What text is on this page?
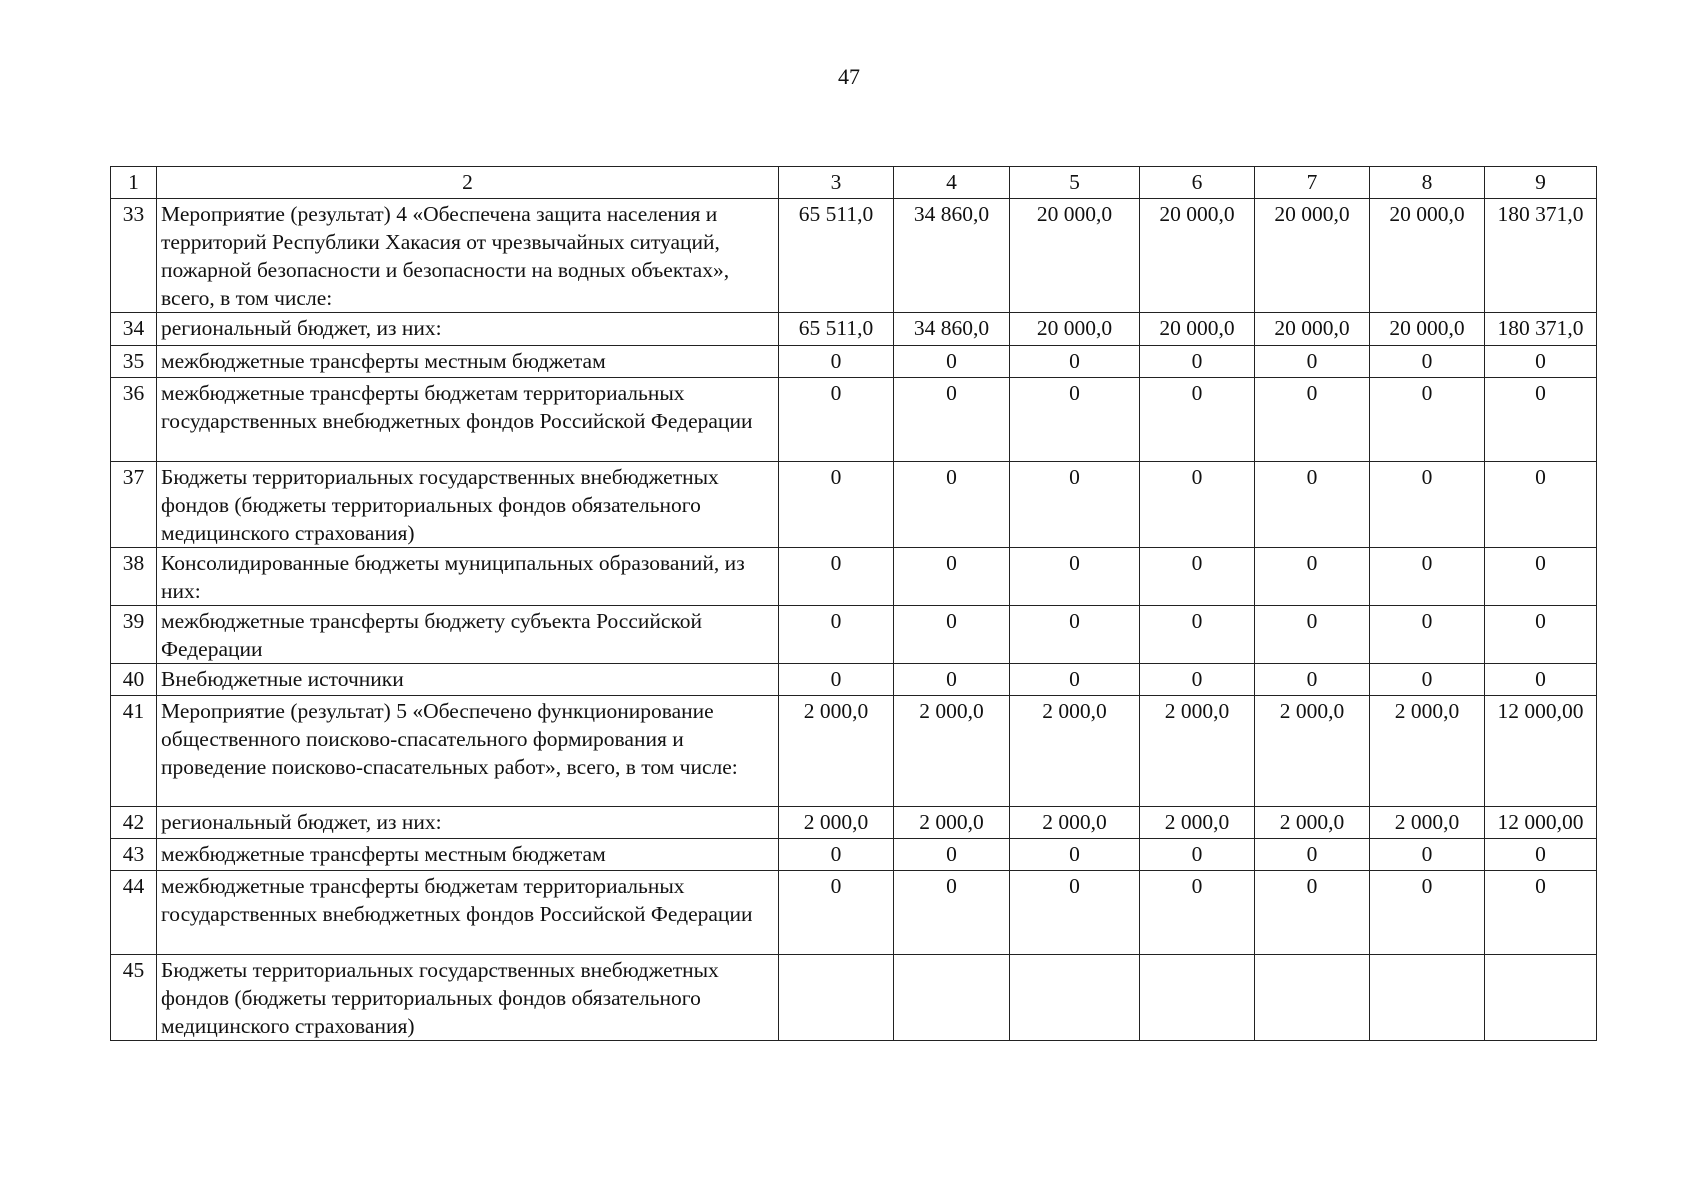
47
1	2	3	4	5	6	7	8	9
33	Мероприятие (результат) 4 «Обеспечена защита населения и территорий Республики Хакасия от чрезвычайных ситуаций, пожарной безопасности и безопасности на водных объектах», всего, в том числе:	65 511,0	34 860,0	20 000,0	20 000,0	20 000,0	20 000,0	180 371,0
34	региональный бюджет, из них:	65 511,0	34 860,0	20 000,0	20 000,0	20 000,0	20 000,0	180 371,0
35	межбюджетные трансферты местным бюджетам	0	0	0	0	0	0	0
36	межбюджетные трансферты бюджетам территориальных государственных внебюджетных фондов Российской Федерации	0	0	0	0	0	0	0
37	Бюджеты территориальных государственных внебюджетных фондов (бюджеты территориальных фондов обязательного медицинского страхования)	0	0	0	0	0	0	0
38	Консолидированные бюджеты муниципальных образований, из них:	0	0	0	0	0	0	0
39	межбюджетные трансферты бюджету субъекта Российской Федерации	0	0	0	0	0	0	0
40	Внебюджетные источники	0	0	0	0	0	0	0
41	Мероприятие (результат) 5 «Обеспечено функционирование общественного поисково-спасательного формирования и проведение поисково-спасательных работ», всего, в том числе:	2 000,0	2 000,0	2 000,0	2 000,0	2 000,0	2 000,0	12 000,00
42	региональный бюджет, из них:	2 000,0	2 000,0	2 000,0	2 000,0	2 000,0	2 000,0	12 000,00
43	межбюджетные трансферты местным бюджетам	0	0	0	0	0	0	0
44	межбюджетные трансферты бюджетам территориальных государственных внебюджетных фондов Российской Федерации	0	0	0	0	0	0	0
45	Бюджеты территориальных государственных внебюджетных фондов (бюджеты территориальных фондов обязательного медицинского страхования)							
